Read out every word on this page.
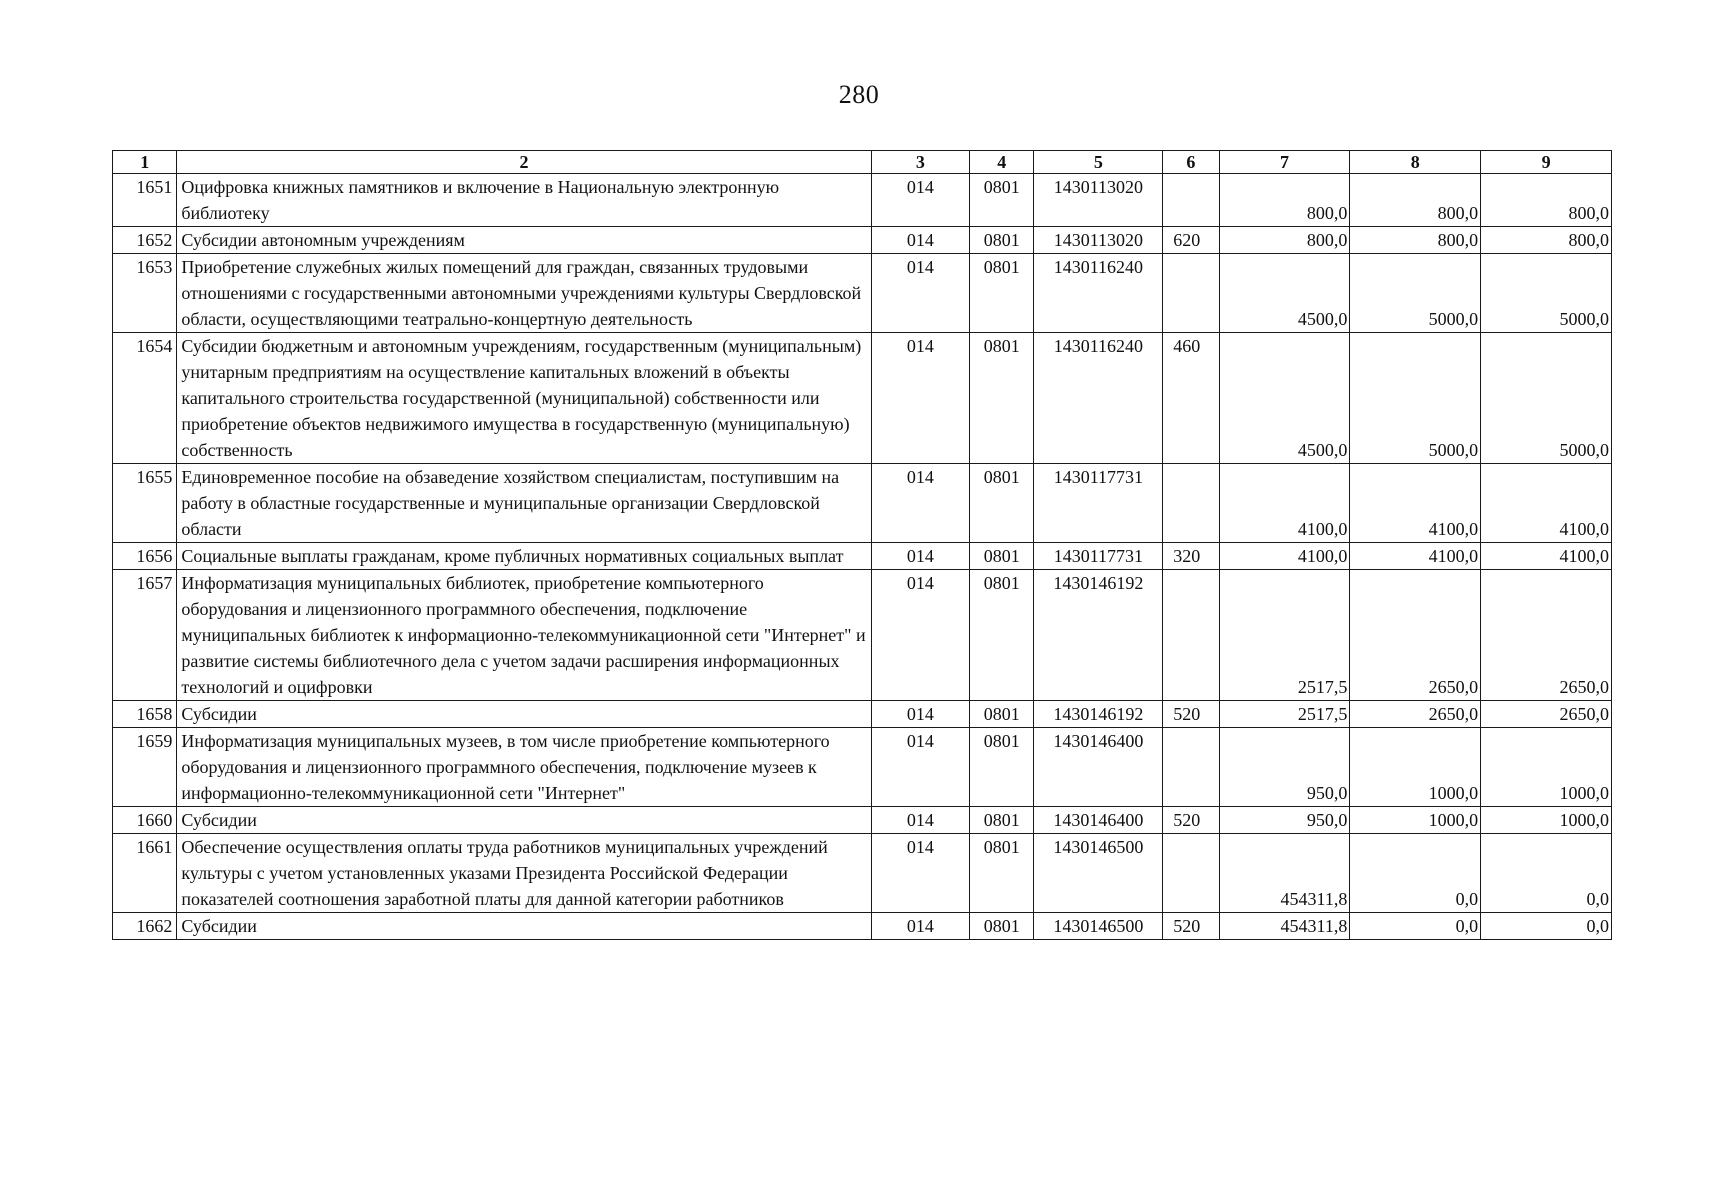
280
1	2	3	4	5	6	7	8	9
1651	Оцифровка книжных памятников и включение в Национальную электронную библиотеку	014	0801	1430113020		800,0	800,0	800,0
1652	Субсидии автономным учреждениям	014	0801	1430113020	620	800,0	800,0	800,0
1653	Приобретение служебных жилых помещений для граждан, связанных трудовыми отношениями с государственными автономными учреждениями культуры Свердловской области, осуществляющими театрально-концертную деятельность	014	0801	1430116240		4500,0	5000,0	5000,0
1654	Субсидии бюджетным и автономным учреждениям, государственным (муниципальным) унитарным предприятиям на осуществление капитальных вложений в объекты капитального строительства государственной (муниципальной) собственности или приобретение объектов недвижимого имущества в государственную (муниципальную) собственность	014	0801	1430116240	460	4500,0	5000,0	5000,0
1655	Единовременное пособие на обзаведение хозяйством специалистам, поступившим на работу в областные государственные и муниципальные организации Свердловской области	014	0801	1430117731		4100,0	4100,0	4100,0
1656	Социальные выплаты гражданам, кроме публичных нормативных социальных выплат	014	0801	1430117731	320	4100,0	4100,0	4100,0
1657	Информатизация муниципальных библиотек, приобретение компьютерного оборудования и лицензионного программного обеспечения, подключение муниципальных библиотек к информационно-телекоммуникационной сети "Интернет" и развитие системы библиотечного дела с учетом задачи расширения информационных технологий и оцифровки	014	0801	1430146192		2517,5	2650,0	2650,0
1658	Субсидии	014	0801	1430146192	520	2517,5	2650,0	2650,0
1659	Информатизация муниципальных музеев, в том числе приобретение компьютерного оборудования и лицензионного программного обеспечения, подключение музеев к информационно-телекоммуникационной сети "Интернет"	014	0801	1430146400		950,0	1000,0	1000,0
1660	Субсидии	014	0801	1430146400	520	950,0	1000,0	1000,0
1661	Обеспечение осуществления оплаты труда работников муниципальных учреждений культуры с учетом установленных указами Президента Российской Федерации показателей соотношения заработной платы для данной категории работников	014	0801	1430146500		454311,8	0,0	0,0
1662	Субсидии	014	0801	1430146500	520	454311,8	0,0	0,0
